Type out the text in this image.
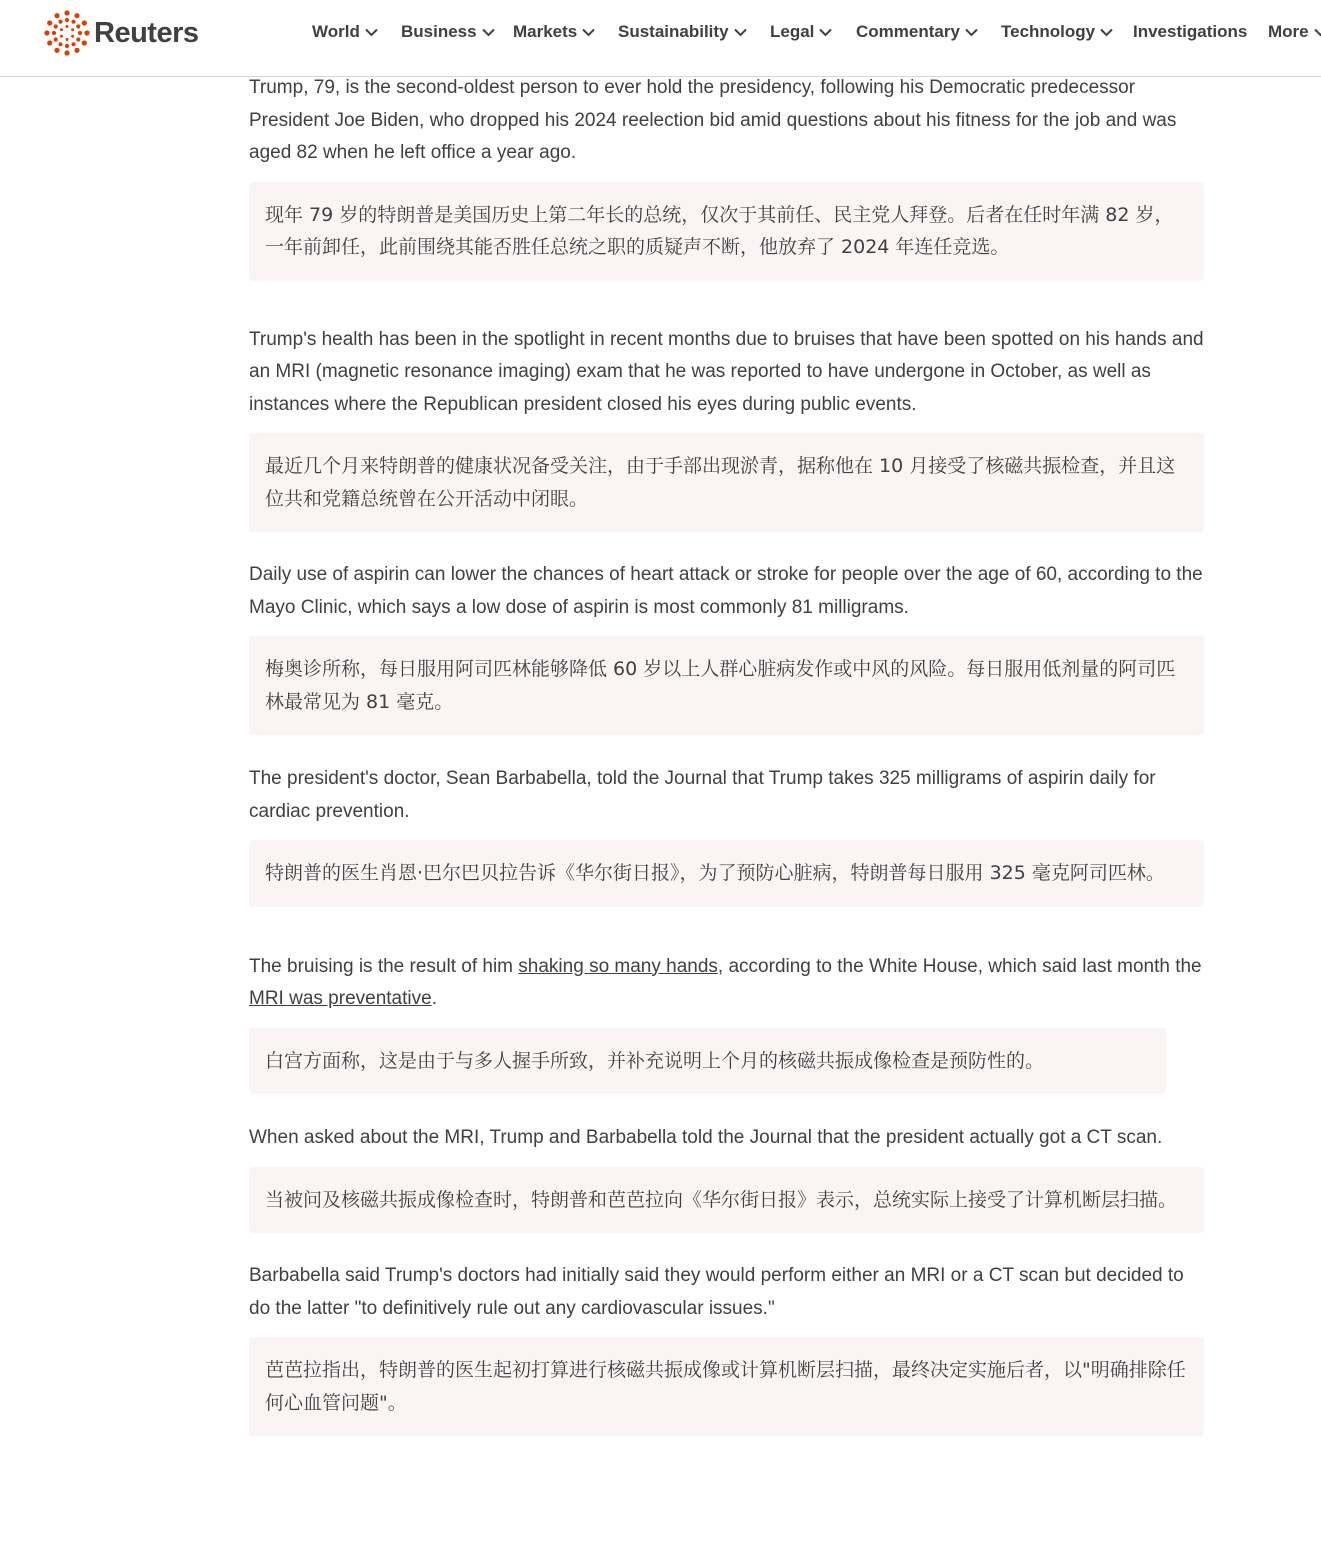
Reuters	World Business Markets Sustainability Legal Commentary Technology Investigations More

Trump, 79, is the second-oldest person to ever hold the presidency, following his Democratic predecessor President Joe Biden, who dropped his 2024 reelection bid amid questions about his fitness for the job and was aged 82 when he left office a year ago.

现年 79 岁的特朗普是美国历史上第二年长的总统，仅次于其前任、民主党人拜登。后者在任时年满 82 岁，一年前卸任，此前围绕其能否胜任总统之职的质疑声不断，他放弃了 2024 年连任竞选。

Trump's health has been in the spotlight in recent months due to bruises that have been spotted on his hands and an MRI (magnetic resonance imaging) exam that he was reported to have undergone in October, as well as instances where the Republican president closed his eyes during public events.

最近几个月来特朗普的健康状况备受关注，由于手部出现淤青，据称他在 10 月接受了核磁共振检查，并且这位共和党籍总统曾在公开活动中闭眼。

Daily use of aspirin can lower the chances of heart attack or stroke for people over the age of 60, according to the Mayo Clinic, which says a low dose of aspirin is most commonly 81 milligrams.

梅奥诊所称，每日服用阿司匹林能够降低 60 岁以上人群心脏病发作或中风的风险。每日服用低剂量的阿司匹林最常见为 81 毫克。

The president's doctor, Sean Barbabella, told the Journal that Trump takes 325 milligrams of aspirin daily for cardiac prevention.

特朗普的医生肖恩·巴尔巴贝拉告诉《华尔街日报》，为了预防心脏病，特朗普每日服用 325 毫克阿司匹林。

The bruising is the result of him shaking so many hands, according to the White House, which said last month the MRI was preventative.

白宫方面称，这是由于与多人握手所致，并补充说明上个月的核磁共振成像检查是预防性的。

When asked about the MRI, Trump and Barbabella told the Journal that the president actually got a CT scan.

当被问及核磁共振成像检查时，特朗普和芭芭拉向《华尔街日报》表示，总统实际上接受了计算机断层扫描。

Barbabella said Trump's doctors had initially said they would perform either an MRI or a CT scan but decided to do the latter "to definitively rule out any cardiovascular issues."

芭芭拉指出，特朗普的医生起初打算进行核磁共振成像或计算机断层扫描，最终决定实施后者，以"明确排除任何心血管问题"。
